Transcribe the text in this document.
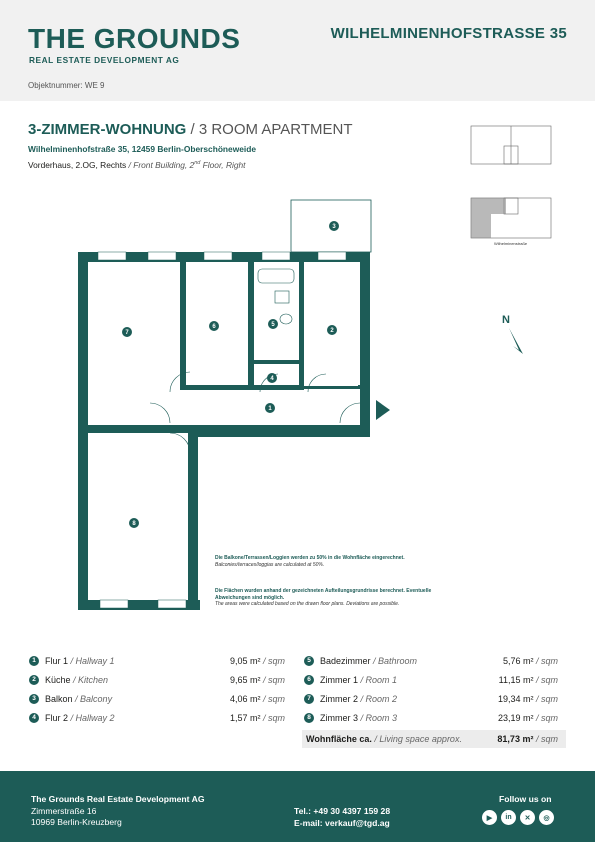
THE GROUNDS
REAL ESTATE DEVELOPMENT AG
WILHELMINENHOFSTRASSE 35
Objektnummer: WE 9
3-ZIMMER-WOHNUNG / 3 ROOM APARTMENT
Wilhelminenhofstraße 35, 12459 Berlin-Oberschöneweide
Vorderhaus, 2.OG, Rechts / Front Building, 2nd Floor, Right
Wilhelminenstraße
1
2
3
4
5
6
7
8
N
Die Balkone/Terrassen/Loggien werden zu 50% in die Wohnfläche eingerechnet.
Balconies/terraces/loggias are calculated at 50%.
Die Flächen wurden anhand der gezeichneten Aufteilungsgrundrisse berechnet. Eventuelle Abweichungen sind möglich.
The areas were calculated based on the drawn floor plans. Deviations are possible.
1	Flur 1 / Hallway 1	9,05 m² / sqm
2	Küche / Kitchen	9,65 m² / sqm
3	Balkon / Balcony	4,06 m² / sqm
4	Flur 2 / Hallway 2	1,57 m² / sqm
5	Badezimmer / Bathroom	5,76 m² / sqm
6	Zimmer 1 / Room 1	11,15 m² / sqm
7	Zimmer 2 / Room 2	19,34 m² / sqm
8	Zimmer 3 / Room 3	23,19 m² / sqm
Wohnfläche ca. / Living space approx.	81,73 m² / sqm
The Grounds Real Estate Development AG
Zimmerstraße 16
10969 Berlin-Kreuzberg
Tel.: +49 30 4397 159 28
E-mail: verkauf@tgd.ag
Follow us on
▶	in	✕	◎
